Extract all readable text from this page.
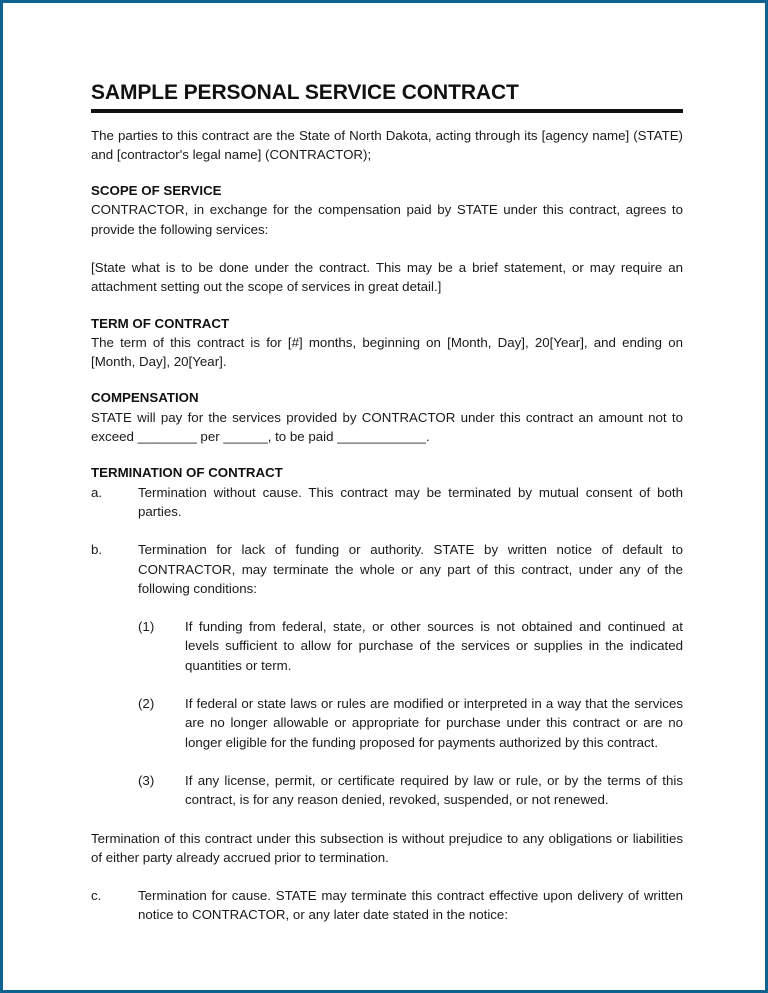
SAMPLE PERSONAL SERVICE CONTRACT

The parties to this contract are the State of North Dakota, acting through its [agency name] (STATE) and [contractor's legal name] (CONTRACTOR);

SCOPE OF SERVICE

CONTRACTOR, in exchange for the compensation paid by STATE under this contract, agrees to provide the following services:

[State what is to be done under the contract. This may be a brief statement, or may require an attachment setting out the scope of services in great detail.]

TERM OF CONTRACT

The term of this contract is for [#] months, beginning on [Month, Day], 20[Year], and ending on [Month, Day], 20[Year].

COMPENSATION

STATE will pay for the services provided by CONTRACTOR under this contract an amount not to exceed ________ per ______, to be paid ____________.

TERMINATION OF CONTRACT
a.	Termination without cause. This contract may be terminated by mutual consent of both parties.
b.	Termination for lack of funding or authority. STATE by written notice of default to CONTRACTOR, may terminate the whole or any part of this contract, under any of the following conditions:
(1)	If funding from federal, state, or other sources is not obtained and continued at levels sufficient to allow for purchase of the services or supplies in the indicated quantities or term.
(2)	If federal or state laws or rules are modified or interpreted in a way that the services are no longer allowable or appropriate for purchase under this contract or are no longer eligible for the funding proposed for payments authorized by this contract.
(3)	If any license, permit, or certificate required by law or rule, or by the terms of this contract, is for any reason denied, revoked, suspended, or not renewed.

Termination of this contract under this subsection is without prejudice to any obligations or liabilities of either party already accrued prior to termination.

c.	Termination for cause. STATE may terminate this contract effective upon delivery of written notice to CONTRACTOR, or any later date stated in the notice:
